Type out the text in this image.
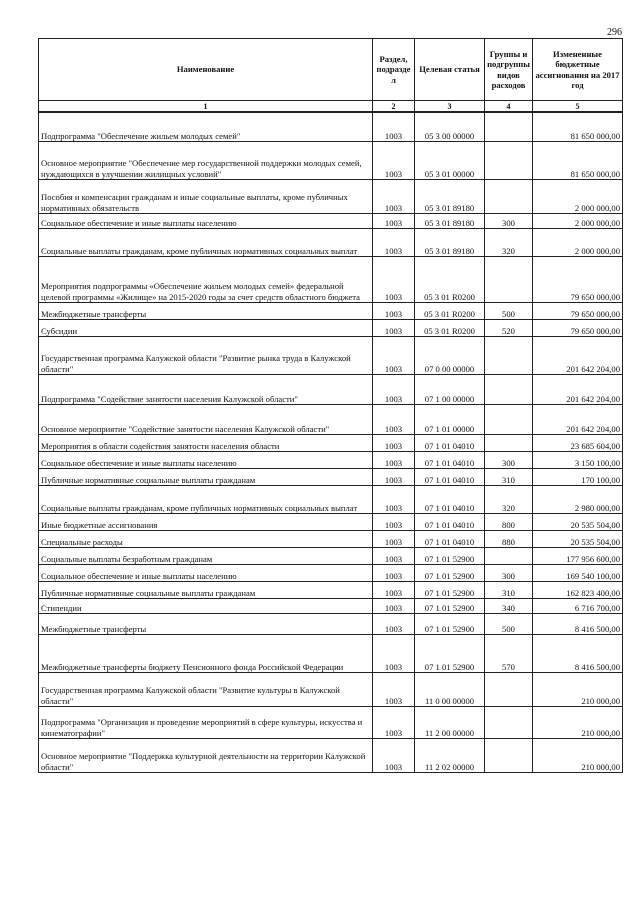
296
Наименование	Раздел, подразде л	Целевая статья	Группы и подгруппы видов расходов	Измененные бюджетные ассигнования на 2017 год
1	2	3	4	5
Подпрограмма "Обеспечение жильем молодых семей"	1003	05 3 00 00000		81 650 000,00
Основное мероприятие "Обеспечение мер государственной поддержки молодых семей, нуждающихся в улучшении жилищных условий"	1003	05 3 01 00000		81 650 000,00
Пособия и компенсации гражданам и иные социальные выплаты, кроме публичных нормативных обязательств	1003	05 3 01 89180		2 000 000,00
Социальное обеспечение и иные выплаты населению	1003	05 3 01 89180	300	2 000 000,00
Социальные выплаты гражданам, кроме публичных нормативных социальных выплат	1003	05 3 01 89180	320	2 000 000,00
Мероприятия подпрограммы «Обеспечение жильем молодых семей» федеральной целевой программы «Жилище» на 2015-2020 годы за счет средств областного бюджета	1003	05 3 01 R0200		79 650 000,00
Межбюджетные трансферты	1003	05 3 01 R0200	500	79 650 000,00
Субсидии	1003	05 3 01 R0200	520	79 650 000,00
Государственная программа Калужской области "Развитие рынка труда в Калужской области"	1003	07 0 00 00000		201 642 204,00
Подпрограмма "Содействие занятости населения Калужской области"	1003	07 1 00 00000		201 642 204,00
Основное мероприятие "Содействие занятости населения Калужской области"	1003	07 1 01 00000		201 642 204,00
Мероприятия в области содействия занятости населения области	1003	07 1 01 04010		23 685 604,00
Социальное обеспечение и иные выплаты населению	1003	07 1 01 04010	300	3 150 100,00
Публичные нормативные социальные выплаты гражданам	1003	07 1 01 04010	310	170 100,00
Социальные выплаты гражданам, кроме публичных нормативных социальных выплат	1003	07 1 01 04010	320	2 980 000,00
Иные бюджетные ассигнования	1003	07 1 01 04010	800	20 535 504,00
Специальные расходы	1003	07 1 01 04010	880	20 535 504,00
Социальные выплаты безработным гражданам	1003	07 1 01 52900		177 956 600,00
Социальное обеспечение и иные выплаты населению	1003	07 1 01 52900	300	169 540 100,00
Публичные нормативные социальные выплаты гражданам	1003	07 1 01 52900	310	162 823 400,00
Стипендии	1003	07 1 01 52900	340	6 716 700,00
Межбюджетные трансферты	1003	07 1 01 52900	500	8 416 500,00
Межбюджетные трансферты бюджету Пенсионного фонда Российской Федерации	1003	07 1 01 52900	570	8 416 500,00
Государственная программа Калужской области "Развитие культуры в Калужской области"	1003	11 0 00 00000		210 000,00
Подпрограмма "Организация и проведение мероприятий в сфере культуры, искусства и кинематографии"	1003	11 2 00 00000		210 000,00
Основное мероприятие "Поддержка культурной деятельности на территории Калужской области"	1003	11 2 02 00000		210 000,00
